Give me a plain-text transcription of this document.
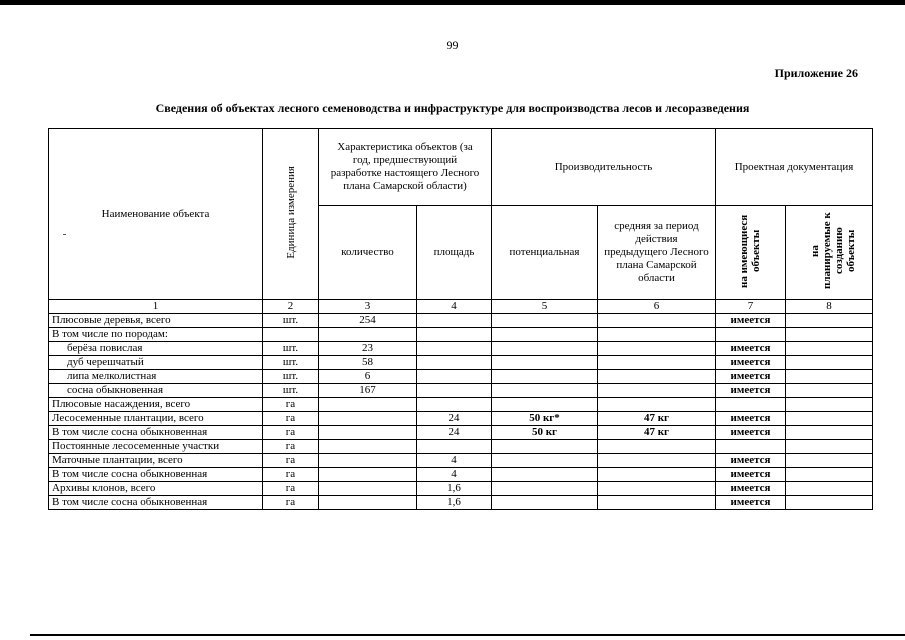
99
Приложение 26
Сведения об объектах лесного семеноводства и инфраструктуре для воспроизводства лесов и лесоразведения
Наименование объекта	Единица измерения	Характеристика объектов (за год, предшествующий разработке настоящего Лесного плана Самарской области)		Производительность		Проектная документация	
		количество	площадь	потенциальная	средняя за период действия предыдущего Лесного плана Самарской области	на имеющиеся объекты	на планируемые к созданию объекты
1	2	3	4	5	6	7	8
Плюсовые деревья, всего	шт.	254				имеется	
В том числе по породам:							
берёза повислая	шт.	23				имеется	
дуб черешчатый	шт.	58				имеется	
липа мелколистная	шт.	6				имеется	
сосна обыкновенная	шт.	167				имеется	
Плюсовые насаждения, всего	га						
Лесосеменные плантации, всего	га		24	50 кг*	47 кг	имеется	
В том числе сосна обыкновенная	га		24	50 кг	47 кг	имеется	
Постоянные лесосеменные участки	га						
Маточные плантации, всего	га		4			имеется	
В том числе сосна обыкновенная	га		4			имеется	
Архивы клонов, всего	га		1,6			имеется	
В том числе сосна обыкновенная	га		1,6			имеется	
